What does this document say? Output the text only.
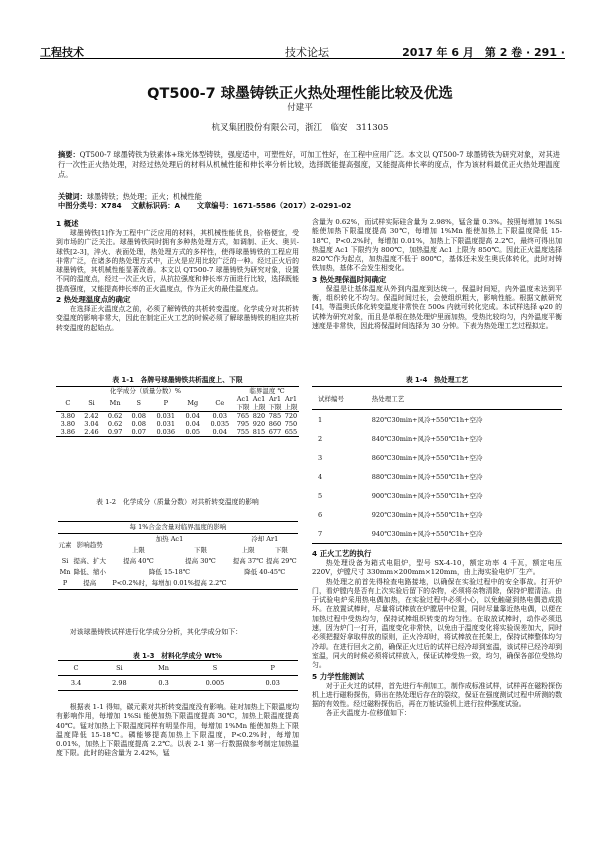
工程技术	技术论坛	2017 年 6 月　第 2 卷 · 291 ·
QT500-7 球墨铸铁正火热处理性能比较及优选
付建平
杭叉集团股份有限公司，浙江　临安　311305
摘要：QT500-7 球墨铸铁为铁素体+珠光体型铸铁，强度适中，可塑性好，可加工性好，在工程中应用广泛。本文以 QT500-7 球墨铸铁为研究对象，对其进行一次性正火热处理，对经过热处理后的材料从机械性能和伸长率分析比较，选择既能提高强度，又能提高伸长率的度点，作为该材料最优正火热处理温度点。
关键词：球墨铸铁；热处理；正火；机械性能
中图分类号：X784　 文献标识码：A　　 文章编号：1671-5586（2017）2-0291-02
1 概述

球墨铸铁[1]作为工程中广泛应用的材料，其机械性能优良，价格便宜，受到市场的广泛关注。球墨铸铁同时拥有多种热处理方式，如调制、正火、奥贝-球铁[2-3]，淬火、表面处理，热处理方式的多样性，使得球墨铸铁的工程应用非常广泛，在诸多的热处理方式中，正火是应用比较广泛的一种。经过正火后的球墨铸铁，其机械性能显著改善。本文以 QT500-7 球墨铸铁为研究对象，设置不同的温度点，经过一次正火后，从抗拉强度和伸长率方面进行比较，选择既能提高强度，又能提高伸长率的正火温度点，作为正火的最佳温度点。

2 热处理温度点的确定

在选择正火温度点之前，必须了解铸铁的共析转变温度。化学成分对共析转变温度的影响非常大，因此在制定正火工艺的时候必须了解球墨铸铁的相应共析转变温度的起始点。

表 1-1　各牌号球墨铸铁共析温度上、下限
化学成分（质量分数）%							临界温度 ℃			
C	Si	Mn	S	P	Mg	Ce	Ac1 下限	Ac1 上限	Ar1 下限	Ar1 上限
3.80	2.42	0.62	0.08	0.031	0.04	0.03	765	820	785	720
3.80	3.04	0.62	0.08	0.031	0.04	0.035	795	920	860	750
3.86	2.46	0.97	0.07	0.036	0.05	0.04	755	815	677	655
表 1-2　化学成分（质量分数）对共析转变温度的影响
每 1%合金含量对临界温度的影响					
元素	影响趋势	加热 Ac1		冷却 Ar1	
		上限	下限	上限	下限
Si	提高、扩大	提高 40℃	提高 30℃	提高 37℃	提高 29℃
Mn	降低、缩小	降低 15-18℃		降低 40-45℃	
P	提高	P<0.2%时，每增加 0.01%提高 2.2℃			

对该球墨铸铁试样进行化学成分分析，其化学成分如下：

表 1-3　材料化学成分 Wt%
C	Si	Mn	S	P
3.4	2.98	0.3	0.005	0.03

根据表 1-1 得知，碳元素对共析转变温度没有影响。硅对加热上下限温度均有影响作用，每增加 1%Si 能使加热下限温度提高 30℃，加热上限温度提高 40℃。锰对加热上下限温度同样有明显作用，每增加 1%Mn 能使加热上下限温度降低 15-18℃。磷能够提高加热上下限温度，P<0.2%时，每增加 0.01%，加热上下限温度提高 2.2℃。以表 2-1 第一行数据做参考制定加热温度下限。此时的硅含量为 2.42%，锰

含量为 0.62%，而试样实际硅含量为 2.98%，锰含量 0.3%。按照每增加 1%Si 能使加热下限温度提高 30℃，每增加 1%Mn 能使加热上下限温度降低 15-18℃，P<0.2%时，每增加 0.01%，加热上下限温度提高 2.2℃，最终可得出加热温度 Ac1 下限约为 800℃，加热温度 Ac1 上限为 850℃。因此正火温度选择 820℃作为起点，加热温度不低于 800℃，基体还未发生奥氏体转化，此时对铸铁加热，基体不会发生相变化。

3 热处理保温时间确定

保温是让基体温度从外到内温度到达统一，保温时间短，内外温度未达到平衡，组织转化不均匀。保温时间过长，会使组织粗大，影响性能。根据文献研究[4]，等温奥氏体化转变温度非常快在 500s 内就可转化完成。本试样选择 φ20 的试棒为研究对象，而且是单根在热处理炉里面加热，受热比较均匀，内外温度平衡速度是非常快，因此将保温时间选择为 30 分钟。下表为热处理工艺过程拟定。

表 1-4　热处理工艺
试样编号	热处理工艺
1	820℃30min+风冷+550℃1h+空冷
2	840℃30min+风冷+550℃1h+空冷
3	860℃30min+风冷+550℃1h+空冷
4	880℃30min+风冷+550℃1h+空冷
5	900℃30min+风冷+550℃1h+空冷
6	920℃30min+风冷+550℃1h+空冷
7	940℃30min+风冷+550℃1h+空冷
4 正火工艺的执行

热处理设备为箱式电阻炉，型号 SX-4-10，额定功率 4 千瓦，额定电压 220V，炉膛尺寸 330mm×200mm×120mm，由上海实验电炉厂生产。

热处理之前首先得检查电路接地，以确保在实验过程中的安全事故。打开炉门，看炉膛内是否有上次实验后留下的杂物，必须将杂物清除，保持炉膛清洁。由于试验电炉采用热电偶加热，在实验过程中必须小心，以免触碰到热电偶造成损坏。在放置试棒时，尽量将试棒放在炉膛居中位置，同时尽量靠近热电偶，以便在加热过程中受热均匀，保持试棒组织转变的均匀性。在取放试棒时，动作必须迅速，因为炉门一打开，温度变化非常快，以免由于温度变化将实验误差加大，同时必须把握好拿取样放的原则，正火冷却时，将试棒放在托架上，保持试棒整体均匀冷却。在进行回火之前，确保正火过后的试样已经冷却到室温，该试样已经冷却到室温，同火的时候必须将试样放入，保证试棒受热一致，均匀，确保各部位受热均匀。

5 力学性能测试

对于正火过的试样，首先进行车削加工，制作成标准试样，试样再在磁粉探伤机上进行磁粉探伤，筛出在热处理后存在的裂纹，保证在强度测试过程中所测的数据的有效性。经过磁粉探伤后，再在万能试验机上进行拉伸强度试验。

各正火温度力-位移值如下：
